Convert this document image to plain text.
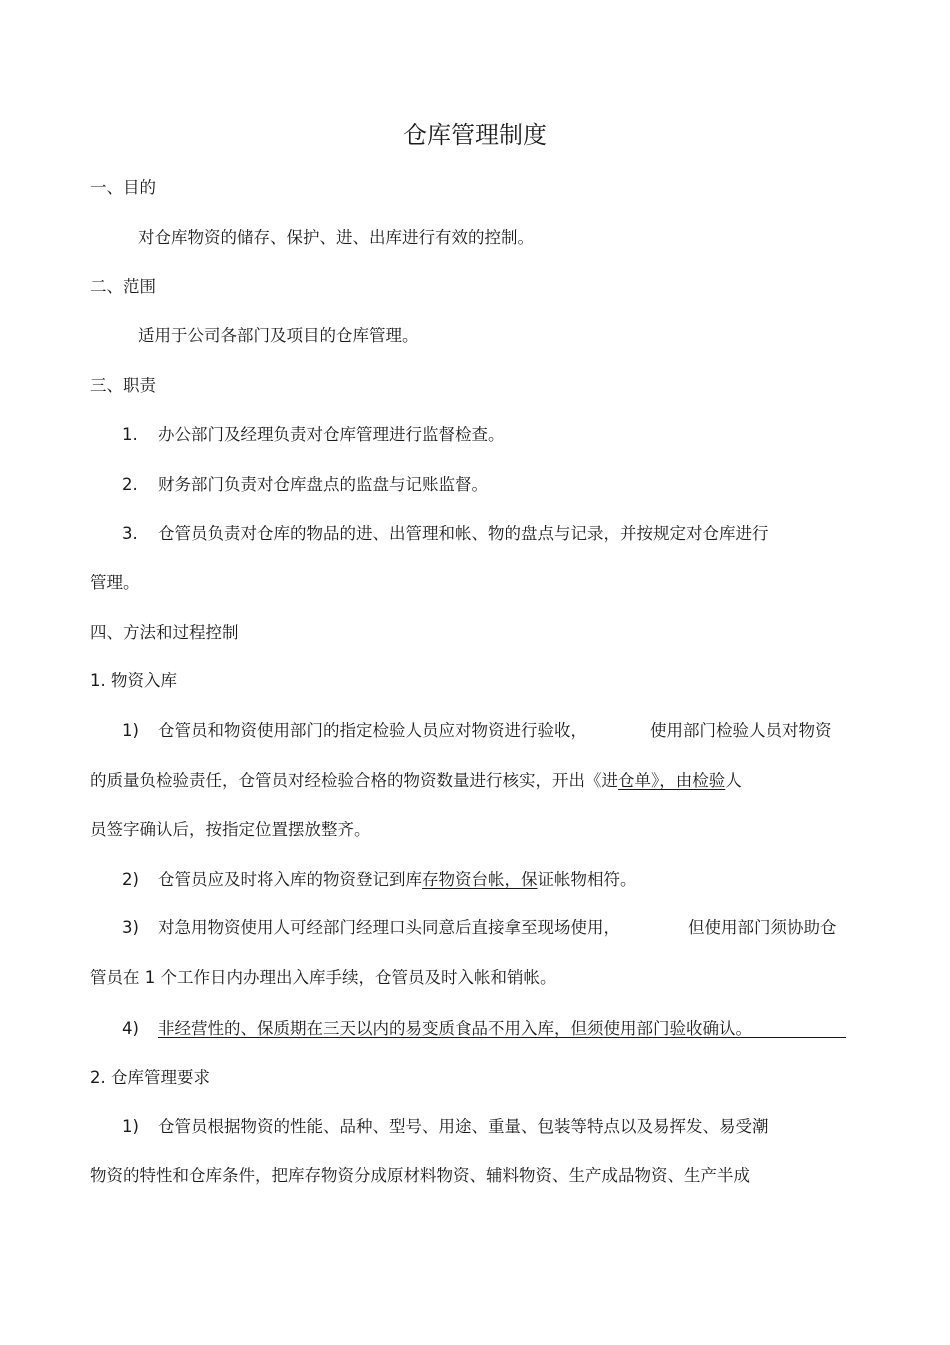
仓库管理制度
一、目的
对仓库物资的储存、保护、进、出库进行有效的控制。
二、范围
适用于公司各部门及项目的仓库管理。
三、职责
1. 办公部门及经理负责对仓库管理进行监督检查。
2. 财务部门负责对仓库盘点的监盘与记账监督。
3. 仓管员负责对仓库的物品的进、出管理和帐、物的盘点与记录，并按规定对仓库进行
管理。
四、方法和过程控制
1. 物资入库
1) 仓管员和物资使用部门的指定检验人员应对物资进行验收，	使用部门检验人员对物资
的质量负检验责任，仓管员对经检验合格的物资数量进行核实，开出《进仓单》，由检验人
员签字确认后，按指定位置摆放整齐。
2) 仓管员应及时将入库的物资登记到库存物资台帐，保证帐物相符。
3) 对急用物资使用人可经部门经理口头同意后直接拿至现场使用，	但使用部门须协助仓
管员在 1 个工作日内办理出入库手续，仓管员及时入帐和销帐。
4) 非经营性的、保质期在三天以内的易变质食品不用入库，但须使用部门验收确认。
2. 仓库管理要求
1) 仓管员根据物资的性能、品种、型号、用途、重量、包装等特点以及易挥发、易受潮
物资的特性和仓库条件，把库存物资分成原材料物资、辅料物资、生产成品物资、生产半成
